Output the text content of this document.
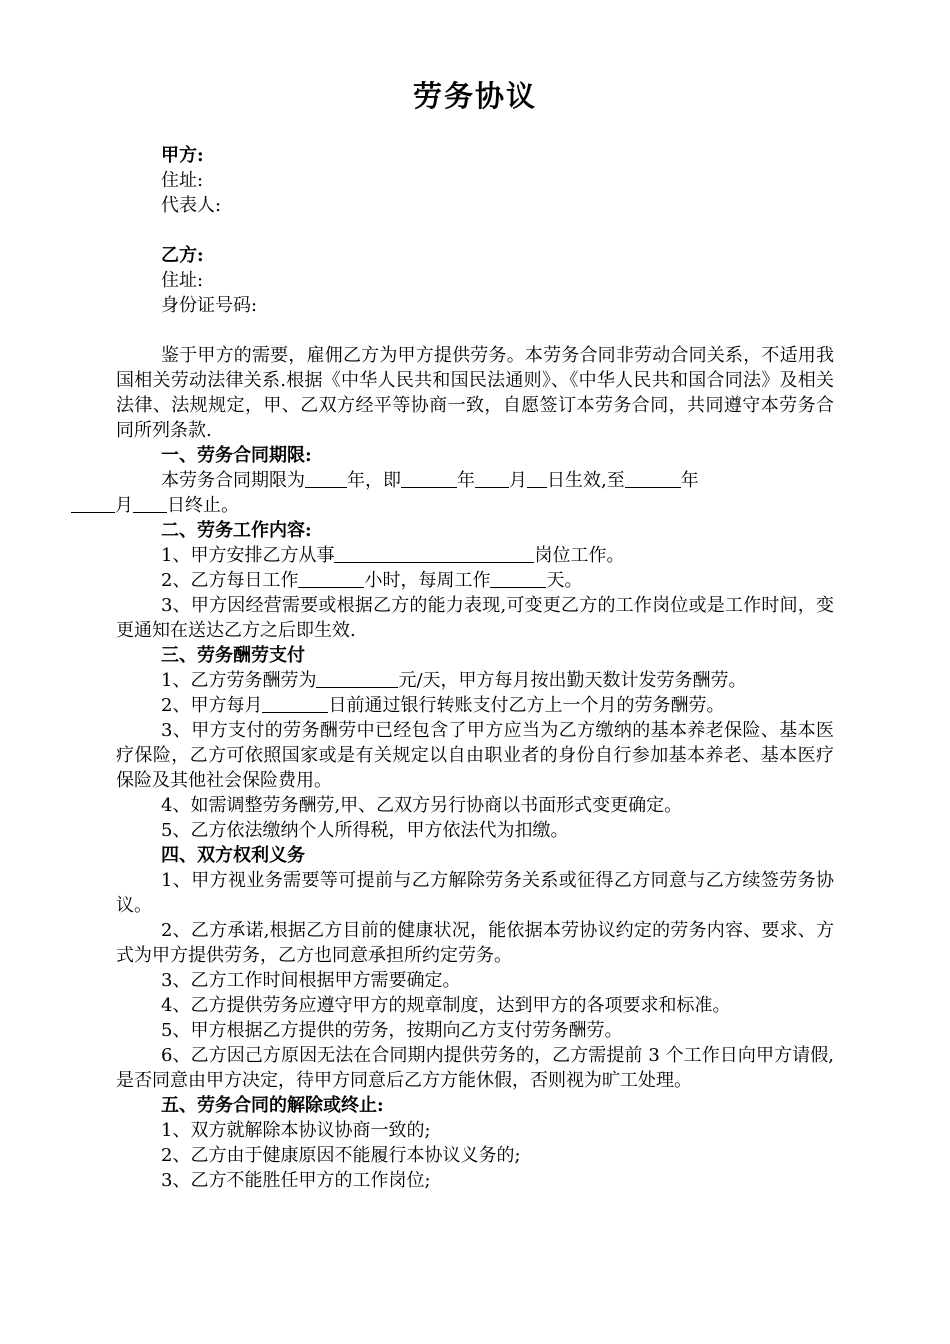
劳务协议

甲方:

住址:

代表人:

乙方:

住址:

身份证号码:

鉴于甲方的需要，雇佣乙方为甲方提供劳务。本劳务合同非劳动合同关系，不适用我国相关劳动法律关系.根据《中华人民共和国民法通则》、《中华人民共和国合同法》及相关法律、法规规定，甲、乙双方经平等协商一致，自愿签订本劳务合同，共同遵守本劳务合同所列条款.

一、劳务合同期限:

本劳务合同期限为 年，即	年 月 日生效,至	年
月 日终止。

二、劳务工作内容:

1、甲方安排乙方从事	岗位工作。

2、乙方每日工作	小时，每周工作	天。

3、甲方因经营需要或根据乙方的能力表现,可变更乙方的工作岗位或是工作时间，变更通知在送达乙方之后即生效.

三、劳务酬劳支付

1、乙方劳务酬劳为	元/天，甲方每月按出勤天数计发劳务酬劳。

2、甲方每月	日前通过银行转账支付乙方上一个月的劳务酬劳。

3、甲方支付的劳务酬劳中已经包含了甲方应当为乙方缴纳的基本养老保险、基本医疗保险，乙方可依照国家或是有关规定以自由职业者的身份自行参加基本养老、基本医疗保险及其他社会保险费用。

4、如需调整劳务酬劳,甲、乙双方另行协商以书面形式变更确定。

5、乙方依法缴纳个人所得税，甲方依法代为扣缴。

四、双方权利义务

1、甲方视业务需要等可提前与乙方解除劳务关系或征得乙方同意与乙方续签劳务协议。

2、乙方承诺,根据乙方目前的健康状况，能依据本劳协议约定的劳务内容、要求、方式为甲方提供劳务，乙方也同意承担所约定劳务。

3、乙方工作时间根据甲方需要确定。

4、乙方提供劳务应遵守甲方的规章制度，达到甲方的各项要求和标准。

5、甲方根据乙方提供的劳务，按期向乙方支付劳务酬劳。

6、乙方因己方原因无法在合同期内提供劳务的，乙方需提前 3 个工作日向甲方请假,是否同意由甲方决定，待甲方同意后乙方方能休假，否则视为旷工处理。

五、劳务合同的解除或终止:

1、双方就解除本协议协商一致的;

2、乙方由于健康原因不能履行本协议义务的;

3、乙方不能胜任甲方的工作岗位;
